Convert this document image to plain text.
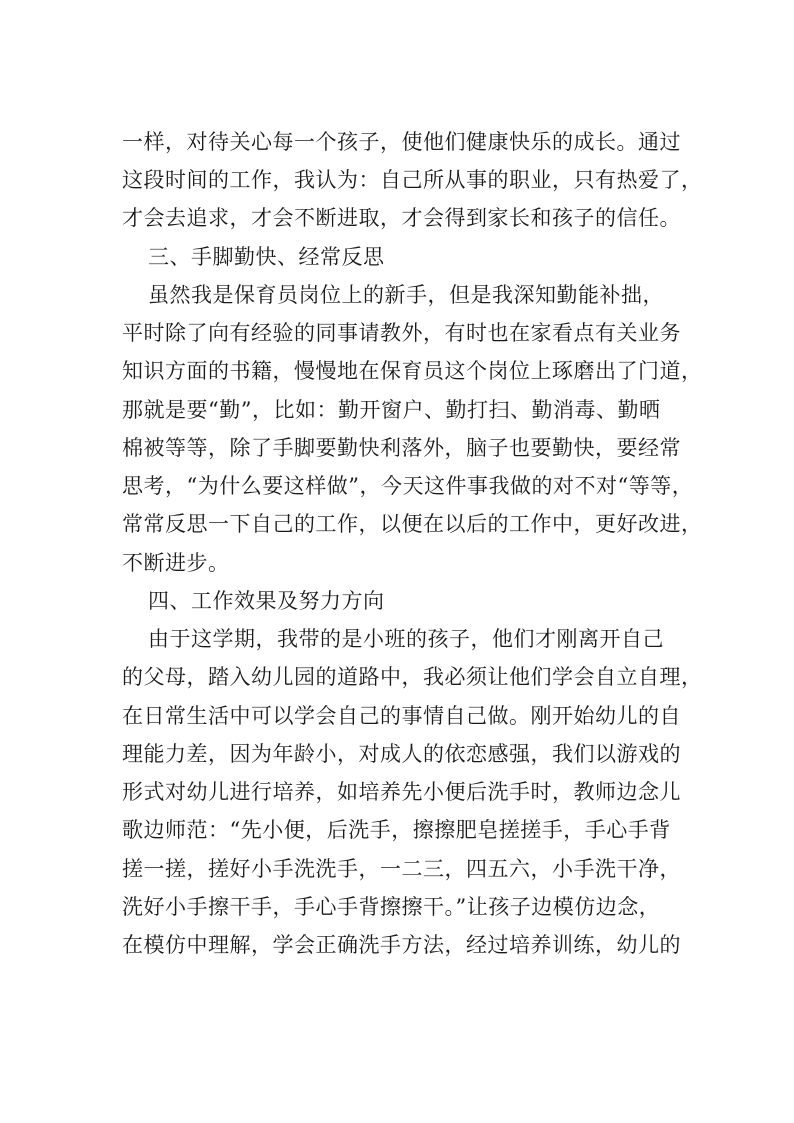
一样，对待关心每一个孩子，使他们健康快乐的成长。通过
这段时间的工作，我认为：自己所从事的职业，只有热爱了，
才会去追求，才会不断进取，才会得到家长和孩子的信任。
三、手脚勤快、经常反思
虽然我是保育员岗位上的新手，但是我深知勤能补拙，
平时除了向有经验的同事请教外，有时也在家看点有关业务
知识方面的书籍，慢慢地在保育员这个岗位上琢磨出了门道，
那就是要“勤”，比如：勤开窗户、勤打扫、勤消毒、勤晒
棉被等等，除了手脚要勤快利落外，脑子也要勤快，要经常
思考，“为什么要这样做”，今天这件事我做的对不对“等等，
常常反思一下自己的工作，以便在以后的工作中，更好改进，
不断进步。
四、工作效果及努力方向
由于这学期，我带的是小班的孩子，他们才刚离开自己
的父母，踏入幼儿园的道路中，我必须让他们学会自立自理，
在日常生活中可以学会自己的事情自己做。刚开始幼儿的自
理能力差，因为年龄小，对成人的依恋感强，我们以游戏的
形式对幼儿进行培养，如培养先小便后洗手时，教师边念儿
歌边师范：“先小便，后洗手，擦擦肥皂搓搓手，手心手背
搓一搓，搓好小手洗洗手，一二三，四五六，小手洗干净，
洗好小手擦干手，手心手背擦擦干。”让孩子边模仿边念，
在模仿中理解，学会正确洗手方法，经过培养训练，幼儿的
